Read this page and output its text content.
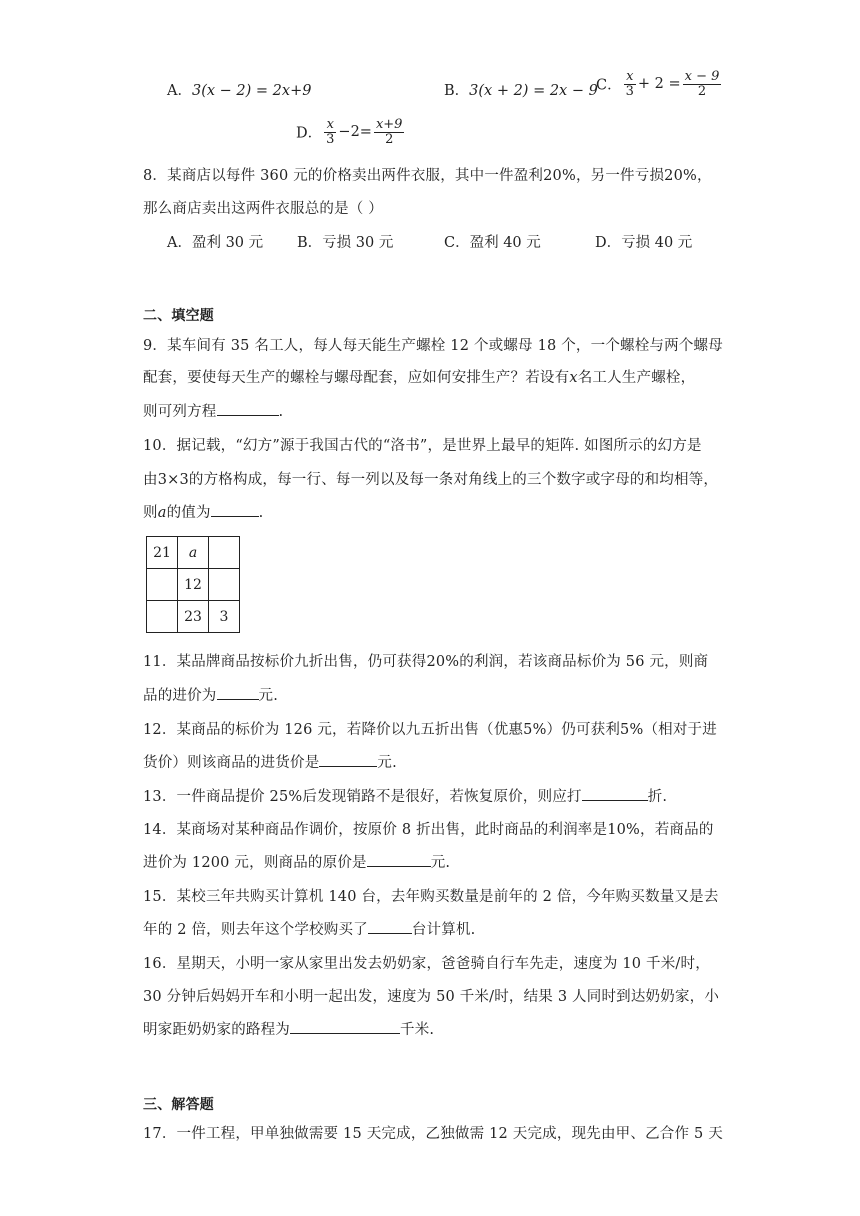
A．3(x − 2) = 2x+9	B．3(x + 2) = 2x − 9
C． $\frac{x}{3} + 2 = \frac{x - 9}{2}$
D． $\frac{x}{3} -2= \frac{x+9}{2}$
8．某商店以每件 360 元的价格卖出两件衣服，其中一件盈利20%，另一件亏损20%，
那么商店卖出这两件衣服总的是（ ）
A．盈利 30 元 B．亏损 30 元	C．盈利 40 元	D．亏损 40 元
二、填空题
9．某车间有 35 名工人，每人每天能生产螺栓 12 个或螺母 18 个，一个螺栓与两个螺母
配套，要使每天生产的螺栓与螺母配套，应如何安排生产？若设有x名工人生产螺栓，
则可列方程	.
10．据记载，“幻方”源于我国古代的“洛书”，是世界上最早的矩阵. 如图所示的幻方是
由3×3的方格构成，每一行、每一列以及每一条对角线上的三个数字或字母的和均相等，
则a的值为	.
21	a	
	12	
	23	3
11．某品牌商品按标价九折出售，仍可获得20%的利润，若该商品标价为 56 元，则商
品的进价为	元.
12．某商品的标价为 126 元，若降价以九五折出售（优惠5%）仍可获利5%（相对于进
货价）则该商品的进货价是	元.
13．一件商品提价 25%后发现销路不是很好，若恢复原价，则应打	折.
14．某商场对某种商品作调价，按原价 8 折出售，此时商品的利润率是10%，若商品的
进价为 1200 元，则商品的原价是	元.
15．某校三年共购买计算机 140 台，去年购买数量是前年的 2 倍，今年购买数量又是去
年的 2 倍，则去年这个学校购买了	台计算机.
16．星期天，小明一家从家里出发去奶奶家，爸爸骑自行车先走，速度为 10 千米/时，
30 分钟后妈妈开车和小明一起出发，速度为 50 千米/时，结果 3 人同时到达奶奶家，小
明家距奶奶家的路程为	千米.
三、解答题
17．一件工程，甲单独做需要 15 天完成，乙独做需 12 天完成，现先由甲、乙合作 5 天
